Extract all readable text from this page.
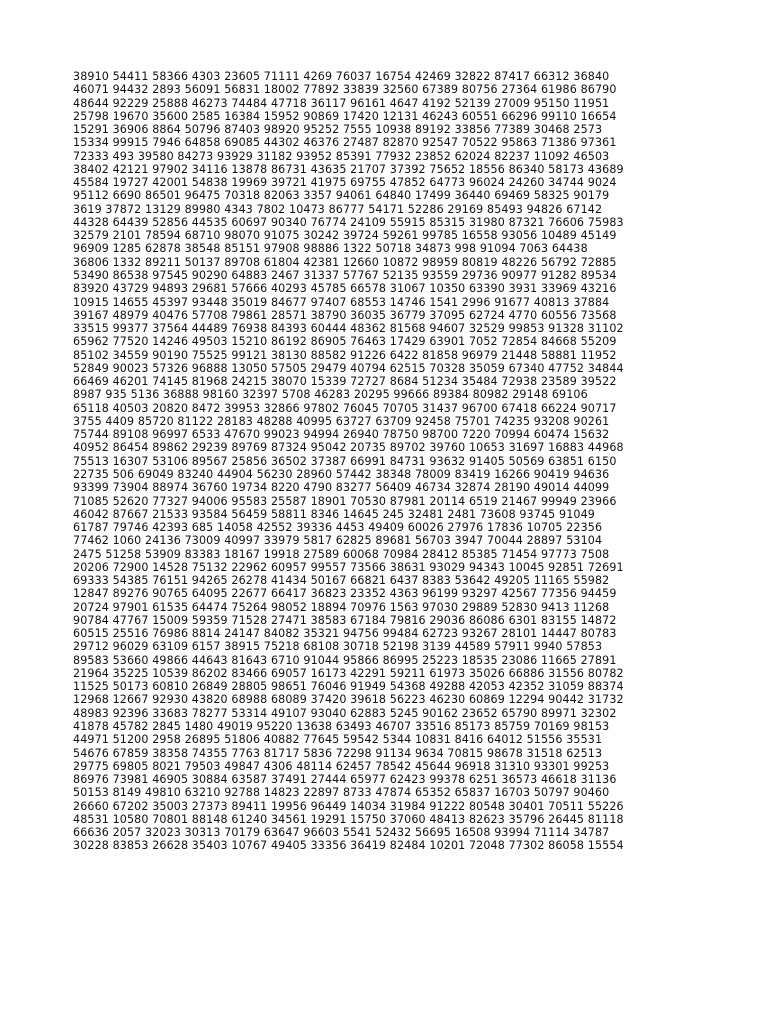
38910 54411 58366 4303 23605 71111 4269 76037 16754 42469 32822 87417 66312 36840
46071 94432 2893 56091 56831 18002 77892 33839 32560 67389 80756 27364 61986 86790
48644 92229 25888 46273 74484 47718 36117 96161 4647 4192 52139 27009 95150 11951
25798 19670 35600 2585 16384 15952 90869 17420 12131 46243 60551 66296 99110 16654
15291 36906 8864 50796 87403 98920 95252 7555 10938 89192 33856 77389 30468 2573
15334 99915 7946 64858 69085 44302 46376 27487 82870 92547 70522 95863 71386 97361
72333 493 39580 84273 93929 31182 93952 85391 77932 23852 62024 82237 11092 46503
38402 42121 97902 34116 13878 86731 43635 21707 37392 75652 18556 86340 58173 43689
45584 19727 42001 54838 19969 39721 41975 69755 47852 64773 96024 24260 34744 9024
95112 6690 86501 96475 70318 82063 3357 94061 64840 17499 36440 69469 58325 90179
3619 37872 13129 89980 4343 7802 10473 86777 54171 52286 29169 85493 94826 67142
44328 64439 52856 44535 60697 90340 76774 24109 55915 85315 31980 87321 76606 75983
32579 2101 78594 68710 98070 91075 30242 39724 59261 99785 16558 93056 10489 45149
96909 1285 62878 38548 85151 97908 98886 1322 50718 34873 998 91094 7063 64438
36806 1332 89211 50137 89708 61804 42381 12660 10872 98959 80819 48226 56792 72885
53490 86538 97545 90290 64883 2467 31337 57767 52135 93559 29736 90977 91282 89534
83920 43729 94893 29681 57666 40293 45785 66578 31067 10350 63390 3931 33969 43216
10915 14655 45397 93448 35019 84677 97407 68553 14746 1541 2996 91677 40813 37884
39167 48979 40476 57708 79861 28571 38790 36035 36779 37095 62724 4770 60556 73568
33515 99377 37564 44489 76938 84393 60444 48362 81568 94607 32529 99853 91328 31102
65962 77520 14246 49503 15210 86192 86905 76463 17429 63901 7052 72854 84668 55209
85102 34559 90190 75525 99121 38130 88582 91226 6422 81858 96979 21448 58881 11952
52849 90023 57326 96888 13050 57505 29479 40794 62515 70328 35059 67340 47752 34844
66469 46201 74145 81968 24215 38070 15339 72727 8684 51234 35484 72938 23589 39522
8987 935 5136 36888 98160 32397 5708 46283 20295 99666 89384 80982 29148 69106
65118 40503 20820 8472 39953 32866 97802 76045 70705 31437 96700 67418 66224 90717
3755 4409 85720 81122 28183 48288 40995 63727 63709 92458 75701 74235 93208 90261
75744 89108 96997 6533 47670 99023 94994 26940 78750 98700 7220 70994 60474 15632
40952 86454 89862 29239 89769 87324 95042 20735 89702 39760 10653 31697 16883 44968
75513 16307 53106 89567 25856 36502 37387 66991 84731 93632 91405 50569 63851 6150
22735 506 69049 83240 44904 56230 28960 57442 38348 78009 83419 16266 90419 94636
93399 73904 88974 36760 19734 8220 4790 83277 56409 46734 32874 28190 49014 44099
71085 52620 77327 94006 95583 25587 18901 70530 87981 20114 6519 21467 99949 23966
46042 87667 21533 93584 56459 58811 8346 14645 245 32481 2481 73608 93745 91049
61787 79746 42393 685 14058 42552 39336 4453 49409 60026 27976 17836 10705 22356
77462 1060 24136 73009 40997 33979 5817 62825 89681 56703 3947 70044 28897 53104
2475 51258 53909 83383 18167 19918 27589 60068 70984 28412 85385 71454 97773 7508
20206 72900 14528 75132 22962 60957 99557 73566 38631 93029 94343 10045 92851 72691
69333 54385 76151 94265 26278 41434 50167 66821 6437 8383 53642 49205 11165 55982
12847 89276 90765 64095 22677 66417 36823 23352 4363 96199 93297 42567 77356 94459
20724 97901 61535 64474 75264 98052 18894 70976 1563 97030 29889 52830 9413 11268
90784 47767 15009 59359 71528 27471 38583 67184 79816 29036 86086 6301 83155 14872
60515 25516 76986 8814 24147 84082 35321 94756 99484 62723 93267 28101 14447 80783
29712 96029 63109 6157 38915 75218 68108 30718 52198 3139 44589 57911 9940 57853
89583 53660 49866 44643 81643 6710 91044 95866 86995 25223 18535 23086 11665 27891
21964 35225 10539 86202 83466 69057 16173 42291 59211 61973 35026 66886 31556 80782
11525 50173 60810 26849 28805 98651 76046 91949 54368 49288 42053 42352 31059 88374
12968 12667 92930 43820 68988 68089 37420 39618 56223 46230 60869 12294 90442 31732
48983 92396 33683 78277 53314 49107 93040 62883 5245 90162 23652 65790 89971 32302
41878 45782 2845 1480 49019 95220 13638 63493 46707 33516 85173 85759 70169 98153
44971 51200 2958 26895 51806 40882 77645 59542 5344 10831 8416 64012 51556 35531
54676 67859 38358 74355 7763 81717 5836 72298 91134 9634 70815 98678 31518 62513
29775 69805 8021 79503 49847 4306 48114 62457 78542 45644 96918 31310 93301 99253
86976 73981 46905 30884 63587 37491 27444 65977 62423 99378 6251 36573 46618 31136
50153 8149 49810 63210 92788 14823 22897 8733 47874 65352 65837 16703 50797 90460
26660 67202 35003 27373 89411 19956 96449 14034 31984 91222 80548 30401 70511 55226
48531 10580 70801 88148 61240 34561 19291 15750 37060 48413 82623 35796 26445 81118
66636 2057 32023 30313 70179 63647 96603 5541 52432 56695 16508 93994 71114 34787
30228 83853 26628 35403 10767 49405 33356 36419 82484 10201 72048 77302 86058 15554
